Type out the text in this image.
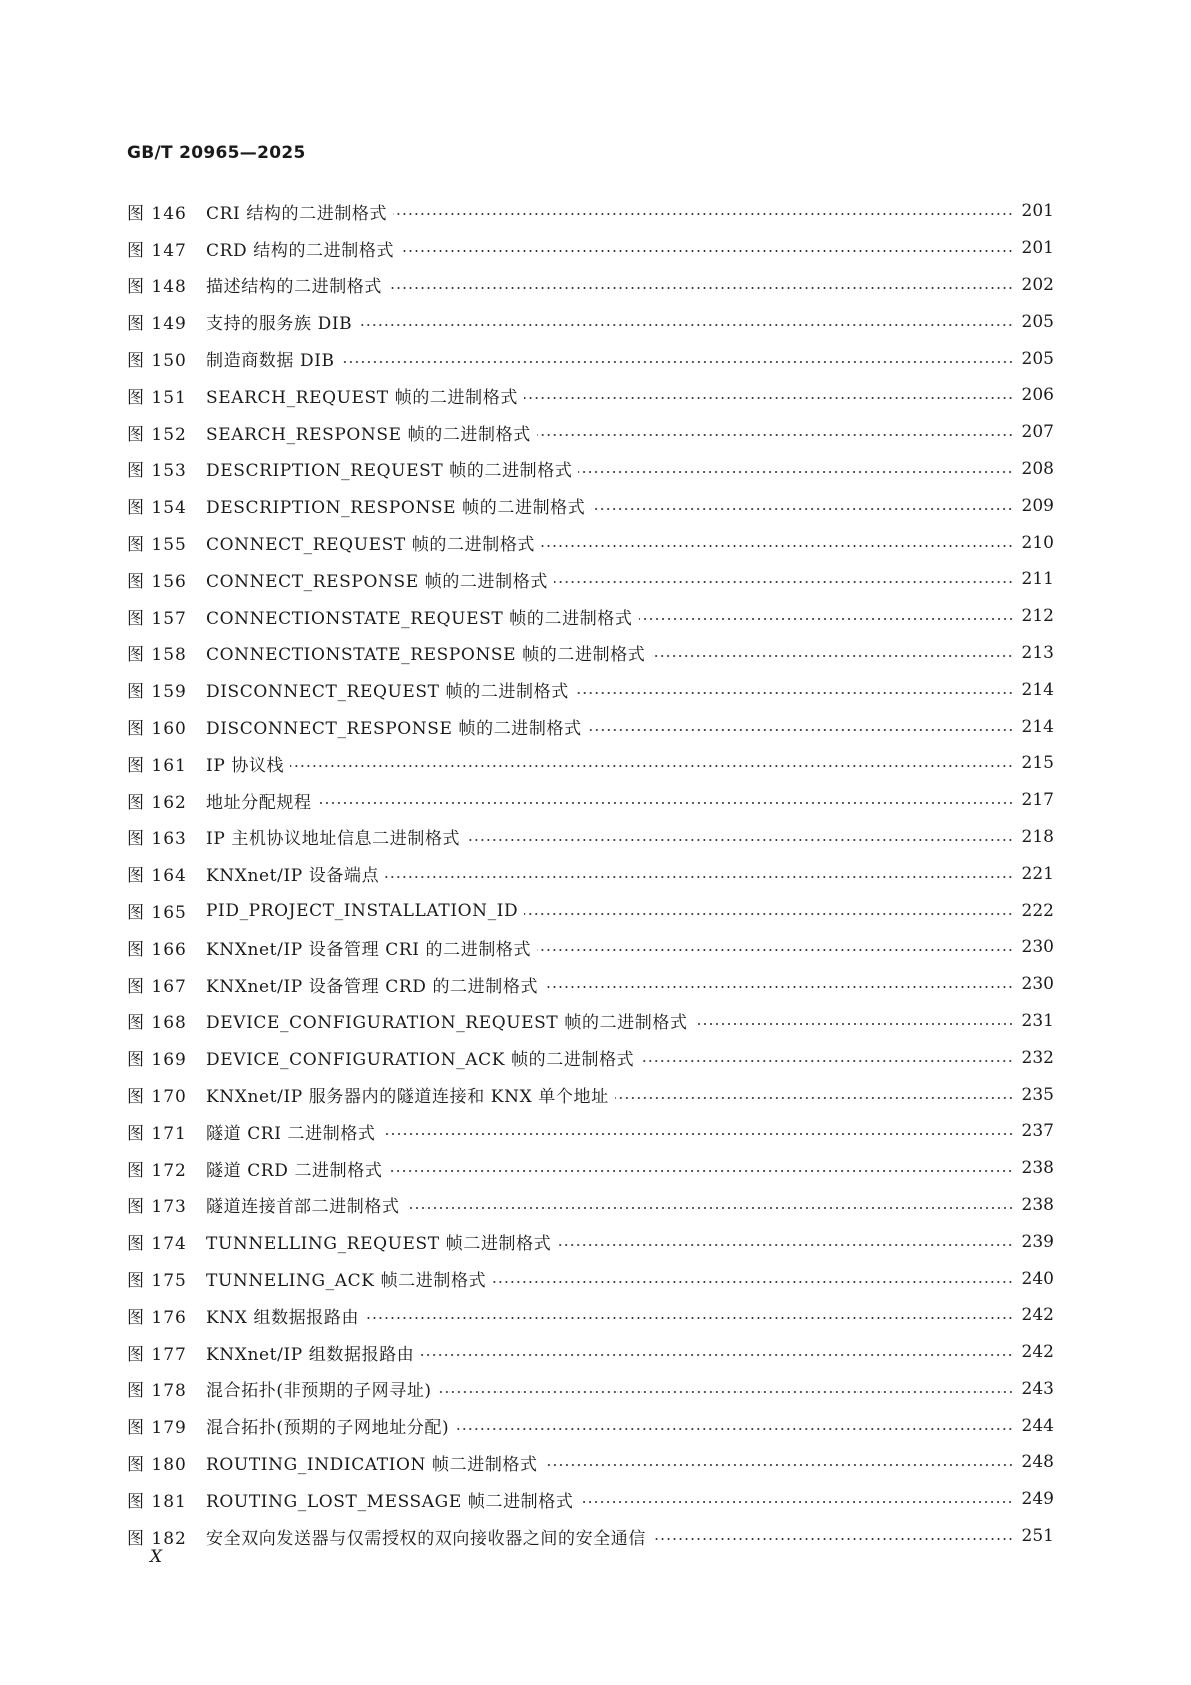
GB/T 20965—2025
图 146	CRI 结构的二进制格式	201
图 147	CRD 结构的二进制格式	201
图 148	描述结构的二进制格式	202
图 149	支持的服务族 DIB	205
图 150	制造商数据 DIB	205
图 151	SEARCH_REQUEST 帧的二进制格式	206
图 152	SEARCH_RESPONSE 帧的二进制格式	207
图 153	DESCRIPTION_REQUEST 帧的二进制格式	208
图 154	DESCRIPTION_RESPONSE 帧的二进制格式	209
图 155	CONNECT_REQUEST 帧的二进制格式	210
图 156	CONNECT_RESPONSE 帧的二进制格式	211
图 157	CONNECTIONSTATE_REQUEST 帧的二进制格式	212
图 158	CONNECTIONSTATE_RESPONSE 帧的二进制格式	213
图 159	DISCONNECT_REQUEST 帧的二进制格式	214
图 160	DISCONNECT_RESPONSE 帧的二进制格式	214
图 161	IP 协议栈	215
图 162	地址分配规程	217
图 163	IP 主机协议地址信息二进制格式	218
图 164	KNXnet/IP 设备端点	221
图 165	PID_PROJECT_INSTALLATION_ID	222
图 166	KNXnet/IP 设备管理 CRI 的二进制格式	230
图 167	KNXnet/IP 设备管理 CRD 的二进制格式	230
图 168	DEVICE_CONFIGURATION_REQUEST 帧的二进制格式	231
图 169	DEVICE_CONFIGURATION_ACK 帧的二进制格式	232
图 170	KNXnet/IP 服务器内的隧道连接和 KNX 单个地址	235
图 171	隧道 CRI 二进制格式	237
图 172	隧道 CRD 二进制格式	238
图 173	隧道连接首部二进制格式	238
图 174	TUNNELLING_REQUEST 帧二进制格式	239
图 175	TUNNELING_ACK 帧二进制格式	240
图 176	KNX 组数据报路由	242
图 177	KNXnet/IP 组数据报路由	242
图 178	混合拓扑(非预期的子网寻址)	243
图 179	混合拓扑(预期的子网地址分配)	244
图 180	ROUTING_INDICATION 帧二进制格式	248
图 181	ROUTING_LOST_MESSAGE 帧二进制格式	249
图 182	安全双向发送器与仅需授权的双向接收器之间的安全通信	251
X
